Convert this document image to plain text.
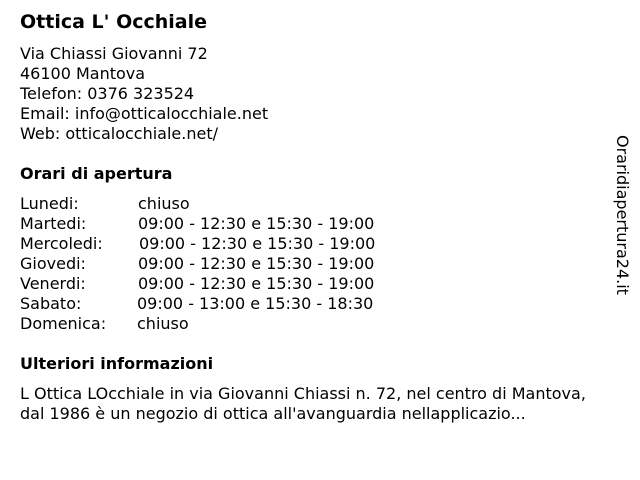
Ottica L' Occhiale
Via Chiassi Giovanni 72
46100 Mantova
Telefon: 0376 323524
Email: info@otticalocchiale.net
Web: otticalocchiale.net/
Orari di apertura
Lunedi:	chiuso
Martedi:	09:00 - 12:30 e 15:30 - 19:00
Mercoledi: 09:00 - 12:30 e 15:30 - 19:00
Giovedi:	09:00 - 12:30 e 15:30 - 19:00
Venerdi:	09:00 - 12:30 e 15:30 - 19:00
Sabato:	09:00 - 13:00 e 15:30 - 18:30
Domenica: chiuso
Ulteriori informazioni
L Ottica LOcchiale in via Giovanni Chiassi n. 72, nel centro di Mantova, dal 1986 è un negozio di ottica all'avanguardia nellapplicazio...
Oraridiapertura24.it
